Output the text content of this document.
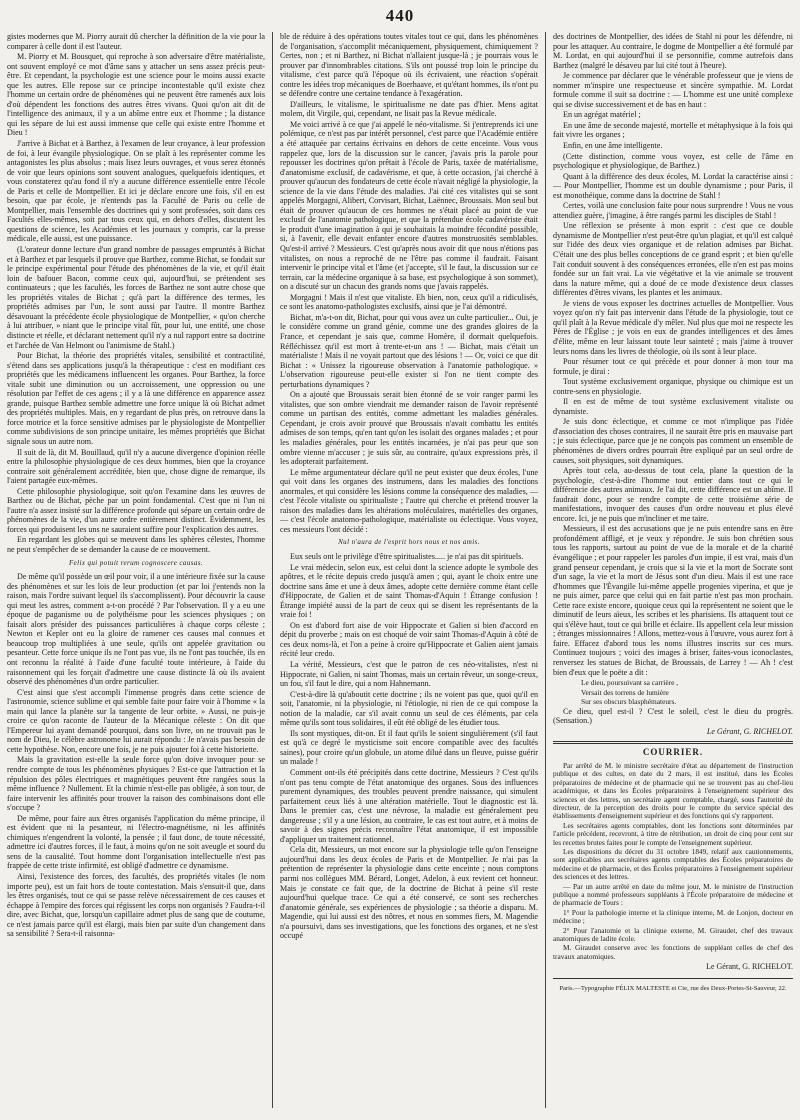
440

gistes modernes que M. Piorry aurait dû chercher la définition de la vie pour la comparer à celle dont il est l'auteur.

M. Piorry et M. Bousquet, qui reproche à son adversaire d'être matérialiste, ont souvent employé ce mot d'âme sans y attacher un sens assez précis peut-être. Et cependant, la psychologie est une science pour le moins aussi exacte que les autres. Elle repose sur ce principe incontestable qu'il existe chez l'homme un certain ordre de phénomènes qui ne peuvent être ramenés aux lois d'où dépendent les fonctions des autres êtres vivans. Quoi qu'on ait dit de l'intelligence des animaux, il y a un abîme entre eux et l'homme ; la distance qui les sépare de lui est aussi immense que celle qui existe entre l'homme et Dieu !

J'arrive à Bichat et à Barthez, à l'examen de leur croyance, à leur profession de foi, à leur évangile physiologique. On se plaît à les représenter comme les antagonistes les plus absolus ; mais lisez leurs ouvrages, et vous serez étonnés de voir que leurs opinions sont souvent analogues, quelquefois identiques, et vous constaterez qu'au fond il n'y a aucune différence essentielle entre l'école de Paris et celle de Montpellier. Et ici je déclare encore une fois, s'il en est besoin, que par école, je n'entends pas la Faculté de Paris ou celle de Montpellier, mais l'ensemble des doctrines qui y sont professées, soit dans ces Facultés elles-mêmes, soit par tous ceux qui, en dehors d'elles, discutent les questions de science, les Académies et les journaux y compris, car la presse médicale, elle aussi, est une puissance.

(L'orateur donne lecture d'un grand nombre de passages empruntés à Bichat et à Barthez et par lesquels il prouve que Barthez, comme Bichat, se fondait sur le principe expérimental pour l'étude des phénomènes de la vie, et qu'il était loin de bafouer Bacon, comme ceux qui, aujourd'hui, se prétendent ses continuateurs ; que les facultés, les forces de Barthez ne sont autre chose que les propriétés vitales de Bichat ; qu'à part la différence des termes, les propriétés admises par l'un, le sont aussi par l'autre. Il montre Barthez désavouant la précédente école physiologique de Montpellier, « qu'on cherche à lui attribuer, » niant que le principe vital fût, pour lui, une entité, une chose distincte et réelle, et déclarant nettement qu'il n'y a nul rapport entre sa doctrine et l'archée de Van Helmont ou l'animisme de Stahl.)

Pour Bichat, la théorie des propriétés vitales, sensibilité et contractilité, s'étend dans ses applications jusqu'à la thérapeutique : c'est en modifiant ces propriétés que les médicamens influencent les organes. Pour Barthez, la force vitale subit une diminution ou un accroissement, une oppression ou une résolution par l'effet de ces agens ; il y a là une différence en apparence assez grande, puisque Barthez semble admettre une force unique là où Bichat admet des propriétés multiples. Mais, en y regardant de plus près, on retrouve dans la force motrice et la force sensitive admises par le physiologiste de Montpellier comme subdivisions de son principe unitaire, les mêmes propriétés que Bichat signale sous un autre nom.

Il suit de là, dit M. Bouillaud, qu'il n'y a aucune divergence d'opinion réelle entre la philosophie physiologique de ces deux hommes, bien que la croyance contraire soit généralement accréditée, bien que, chose digne de remarque, ils l'aient partagée eux-mêmes.

Cette philosophie physiologique, soit qu'on l'examine dans les œuvres de Barthez ou de Bichat, pèche par un point fondamental. C'est que ni l'un ni l'autre n'a assez insisté sur la différence profonde qui sépare un certain ordre de phénomènes de la vie, d'un autre ordre entièrement distinct. Évidemment, les forces qui produisent les uns ne sauraient suffire pour l'explication des autres.

En regardant les globes qui se meuvent dans les sphères célestes, l'homme ne peut s'empêcher de se demander la cause de ce mouvement.

Felix qui potuit rerum cognoscere causas.

De même qu'il possède un œil pour voir, il a une intérieure fixée sur la cause des phénomènes et sur les lois de leur production (et par loi j'entends non la raison, mais l'ordre suivant lequel ils s'accomplissent). Pour découvrir la cause qui meut les astres, comment a-t-on procédé ? Par l'observation. Il y a eu une époque de paganisme ou de polythéisme pour les sciences physiques ; on faisait alors présider des puissances particulières à chaque corps céleste ; Newton et Kepler ont eu la gloire de ramener ces causes mal connues et beaucoup trop multipliées à une seule, qu'ils ont appelée gravitation ou pesanteur. Cette force unique ils ne l'ont pas vue, ils ne l'ont pas touchée, ils en ont reconnu la réalité à l'aide d'une faculté toute intérieure, à l'aide du raisonnement qui les forçait d'admettre une cause distincte là où ils avaient observé des phénomènes d'un ordre particulier.

C'est ainsi que s'est accompli l'immense progrès dans cette science de l'astronomie, science sublime et qui semble faite pour faire voir à l'homme « la main qui lance la planète sur la tangente de leur orbite. » Aussi, ne puis-je croire ce qu'on raconte de l'auteur de la Mécanique céleste : On dit que l'Empereur lui ayant demandé pourquoi, dans son livre, on ne trouvait pas le nom de Dieu, le célèbre astronome lui aurait répondu : Je n'avais pas besoin de cette hypothèse. Non, encore une fois, je ne puis ajouter foi à cette historiette.

Mais la gravitation est-elle la seule force qu'on doive invoquer pour se rendre compte de tous les phénomènes physiques ? Est-ce que l'attraction et la répulsion des pôles électriques et magnétiques peuvent être rangées sous la même influence ? Nullement. Et la chimie n'est-elle pas obligée, à son tour, de faire intervenir les affinités pour trouver la raison des combinaisons dont elle s'occupe ?

De même, pour faire aux êtres organisés l'application du même principe, il est évident que ni la pesanteur, ni l'électro-magnétisme, ni les affinités chimiques n'engendrent la volonté, la pensée ; il faut donc, de toute nécessité, admettre ici d'autres forces, il le faut, à moins qu'on ne soit aveugle et sourd du sens de la causalité. Tout homme dont l'organisation intellectuelle n'est pas frappée de cette triste infirmité, est obligé d'admettre ce dynamisme.

Ainsi, l'existence des forces, des facultés, des propriétés vitales (le nom importe peu), est un fait hors de toute contestation. Mais s'ensuit-il que, dans les êtres organisés, tout ce qui se passe relève nécessairement de ces causes et échappe à l'empire des forces qui régissent les corps non organisés ? Faudra-t-il dire, avec Bichat, que, lorsqu'un capillaire admet plus de sang que de coutume, ce n'est jamais parce qu'il est élargi, mais bien par suite d'un changement dans sa sensibilité ? Sera-t-il raisonna-

ble de réduire à des opérations toutes vitales tout ce qui, dans les phénomènes de l'organisation, s'accomplit mécaniquement, physiquement, chimiquement ? Certes, non ; et ni Barthez, ni Bichat n'allaient jusque-là ; je pourrais vous le prouver par d'innombrables citations. S'ils ont poussé trop loin le principe du vitalisme, c'est parce qu'à l'époque où ils écrivaient, une réaction s'opérait contre les idées trop mécaniques de Boerhaave, et qu'étant hommes, ils n'ont pu se défendre contre une certaine tendance à l'exagération.

D'ailleurs, le vitalisme, le spiritualisme ne date pas d'hier. Mens agitat molem, dit Virgile, qui, cependant, ne lisait pas la Revue médicale.

Me voici arrivé à ce que j'ai appelé le néo-vitalisme. Si j'entreprends ici une polémique, ce n'est pas par intérêt personnel, c'est parce que l'Académie entière a été attaquée par certains écrivains en dehors de cette enceinte. Vous vous rappelez que, lors de la discussion sur le cancer, j'avais pris la parole pour repousser les doctrines qu'on prêtait à l'école de Paris, taxée de matérialisme, d'anatomisme exclusif, de cadavérisme, et que, à cette occasion, j'ai cherché à prouver qu'aucun des fondateurs de cette école n'avait négligé la physiologie, la science de la vie dans l'étude des maladies. J'ai cité ces vitalistes qui se sont appelés Morgagni, Alibert, Corvisart, Bichat, Laënnec, Broussais. Mon seul but était de prouver qu'aucun de ces hommes ne s'était placé au point de vue exclusif de l'anatomie pathologique, et que la prétendue école cadavériste était le produit d'une imagination à qui je souhaitais la moindre fécondité possible, si, à l'avenir, elle devait enfanter encore d'autres monstruosités semblables. Qu'est-il arrivé ? Messieurs. C'est qu'après nous avoir dit que nous n'étions pas vitalistes, on nous a reproché de ne l'être pas comme il faudrait. Faisant intervenir le principe vital et l'âme (et j'accepte, s'il le faut, la discussion sur ce terrain, car la médecine organique à sa base, est psychologique à son sommet), on a discuté sur un chacun des grands noms que j'avais rappelés.

Morgagni ! Mais il n'est que vitaliste. Eh bien, non, ceux qu'il a ridiculisés, ce sont les anatomo-pathologistes exclusifs, ainsi que je l'ai démontré.

Bichat, m'a-t-on dit, Bichat, pour qui vous avez un culte particulier... Oui, je le considère comme un grand génie, comme une des grandes gloires de la France, et cependant je sais que, comme Homère, il dormait quelquefois. Réfléchissez qu'il est mort à trente-et-un ans ! — Bichat, mais c'était un matérialiste ! Mais il ne voyait partout que des lésions ! — Or, voici ce que dit Bichat : « Unissez la rigoureuse observation à l'anatomie pathologique. » L'observation rigoureuse peut-elle exister si l'on ne tient compte des perturbations dynamiques ?

On a ajouté que Broussais serait bien étonné de se voir ranger parmi les vitalistes, que son ombre viendrait me demander raison de l'avoir représenté comme un partisan des entités, comme admettant les maladies générales. Cependant, je crois avoir prouvé que Broussais n'avait combattu les entités admises de son temps, qu'en tant qu'on les isolait des organes malades ; et pour les maladies générales, pour les entités incarnées, je n'ai pas peur que son ombre vienne m'accuser ; je suis sûr, au contraire, qu'aux expressions près, il les adopterait parfaitement.

Le même argumentateur déclare qu'il ne peut exister que deux écoles, l'une qui voit dans les organes des instrumens, dans les maladies des fonctions anormales, et qui considère les lésions comme la conséquence des maladies, — c'est l'école vitaliste ou spiritualiste ; l'autre qui cherche et prétend trouver la raison des maladies dans les altérations moléculaires, matérielles des organes, — c'est l'école anatomo-pathologique, matérialiste ou éclectique. Vous voyez, ces messieurs l'ont décidé :

Nul n'aura de l'esprit hors nous et nos amis.

Eux seuls ont le privilège d'être spiritualistes..... je n'ai pas dit spirituels.

Le vrai médecin, selon eux, est celui dont la science adopte le symbole des apôtres, et le récite depuis credo jusqu'à amen ; qui, ayant le choix entre une doctrine sans âme et une à deux âmes, adopte cette dernière comme étant celle d'Hippocrate, de Galien et de saint Thomas-d'Aquin ! Étrange confusion ! Étrange impiété aussi de la part de ceux qui se disent les représentants de la vraie foi !

On est d'abord fort aise de voir Hippocrate et Galien si bien d'accord en dépit du proverbe ; mais on est choqué de voir saint Thomas-d'Aquin à côté de ces deux noms-là, et l'on a peine à croire qu'Hippocrate et Galien aient jamais récité leur credo.

La vérité, Messieurs, c'est que le patron de ces néo-vitalistes, n'est ni Hippocrate, ni Galien, ni saint Thomas, mais un certain rêveur, un songe-creux, un fou, s'il faut le dire, qui a nom Hahnemann.

C'est-à-dire là qu'aboutit cette doctrine ; ils ne voient pas que, quoi qu'il en soit, l'anatomie, ni la physiologie, ni l'étiologie, ni rien de ce qui compose la notion de la maladie, car s'il avait connu un seul de ces éléments, par cela même qu'ils sont tous solidaires, il eût été obligé de les étudier tous.

Ils sont mystiques, dit-on. Et il faut qu'ils le soient singulièrement (s'il faut est qu'à ce degré le mysticisme soit encore compatible avec des facultés saines), pour croire qu'un globule, un atome dilué dans un fleuve, puisse guérir un malade !

Comment ont-ils été précipités dans cette doctrine, Messieurs ? C'est qu'ils n'ont pas tenu compte de l'état anatomique des organes. Sous des influences purement dynamiques, des troubles peuvent prendre naissance, qui simulent parfaitement ceux liés à une altération matérielle. Tout le diagnostic est là. Dans le premier cas, c'est une névrose, la maladie est généralement peu dangereuse ; s'il y a une lésion, au contraire, le cas est tout autre, et à moins de savoir à des signes précis reconnaître l'état anatomique, il est impossible d'appliquer un traitement rationnel.

Cela dit, Messieurs, un mot encore sur la physiologie telle qu'on l'enseigne aujourd'hui dans les deux écoles de Paris et de Montpellier. Je n'ai pas la prétention de représenter la physiologie dans cette enceinte ; nous comptons parmi nos collègues MM. Bérard, Longet, Adelon, à eux revient cet honneur. Mais je constate ce fait que, de la doctrine de Bichat à peine s'il reste aujourd'hui quelque trace. Ce qui a été conservé, ce sont ses recherches d'anatomie générale, ses expériences de physiologie ; sa théorie a disparu. M. Magendie, qui lui aussi est des nôtres, et nous en sommes fiers, M. Magendie n'a poursuivi, dans ses investigations, que les fonctions des organes, et ne s'est occupé

des doctrines de Montpellier, des idées de Stahl ni pour les défendre, ni pour les attaquer. Au contraire, le dogme de Montpellier a été formulé par M. Lordat, en qui aujourd'hui il se personnifie, comme autrefois dans Barthez (malgré le désaveu par lui cité tout à l'heure).

Je commence par déclarer que le vénérable professeur que je viens de nommer m'inspire une respectueuse et sincère sympathie. M. Lordat formule comme il suit sa doctrine : — L'homme est une unité complexe qui se divise successivement et de bas en haut :

En un agrégat matériel ;

En une âme de seconde majesté, mortelle et métaphysique à la fois qui fait vivre les organes ;

Enfin, en une âme intelligente.

(Cette distinction, comme vous voyez, est celle de l'âme en psychologique et physiologique, de Barthez.)

Quant à la différence des deux écoles, M. Lordat la caractérise ainsi : — Pour Montpellier, l'homme est un double dynamisme ; pour Paris, il est monothéique, comme dans la doctrine de Stahl !

Certes, voilà une conclusion faite pour nous surprendre ! Vous ne vous attendiez guère, j'imagine, à être rangés parmi les disciples de Stahl !

Une réflexion se présente à mon esprit : c'est que ce double dynamisme de Montpellier n'est peut-être qu'un plagiat, et qu'il est calqué sur l'idée des deux vies organique et de relation admises par Bichat. C'était une des plus belles conceptions de ce grand esprit ; et bien qu'elle l'ait conduit souvent à des conséquences erronées, elle n'en est pas moins fondée sur un fait vrai. La vie végétative et la vie animale se trouvent dans la nature même, qui a doué de ce mode d'existence deux classes différentes d'êtres vivans, les plantes et les animaux.

Je viens de vous exposer les doctrines actuelles de Montpellier. Vous voyez qu'on n'y fait pas intervenir dans l'étude de la physiologie, tout ce qu'il plaît à la Revue médicale d'y mêler. Nul plus que moi ne respecte les Pères de l'Église ; je vois en eux de grandes intelligences et des âmes d'élite, même en leur laissant toute leur sainteté ; mais j'aime à trouver leurs noms dans les livres de théologie, où ils sont à leur place.

Pour résumer tout ce qui précède et pour donner à mon tour ma formule, je dirai :

Tout système exclusivement organique, physique ou chimique est un contre-sens en physiologie.

Il en est de même de tout système exclusivement vitaliste ou dynamiste.

Je suis donc éclectique, et comme ce mot n'implique pas l'idée d'association des choses contraires, il ne saurait être pris en mauvaise part ; je suis éclectique, parce que je ne conçois pas comment un ensemble de phénomènes de divers ordres pourrait être expliqué par un seul ordre de causes, soit physiques, soit dynamiques.

Après tout cela, au-dessus de tout cela, plane la question de la psychologie, c'est-à-dire l'homme tout entier dans tout ce qui le différencie des autres animaux. Je l'ai dit, cette différence est un abîme. Il faudrait donc, pour se rendre compte de cette troisième série de manifestations, invoquer des causes d'un ordre nouveau et plus élevé encore. Ici, je ne puis que m'incliner et me taire.

Messieurs, il est des accusations que je ne puis entendre sans en être profondément affligé, et je veux y répondre. Je suis bon chrétien sous tous les rapports, surtout au point de vue de la morale et de la charité évangélique ; et pour rappeler les paroles d'un impie, il est vrai, mais d'un grand penseur cependant, je crois que si la vie et la mort de Socrate sont d'un sage, la vie et la mort de Jésus sont d'un dieu. Mais il est une race d'hommes que l'Évangile lui-même appelle progenies viperina, et que je ne puis aimer, parce que celui qui en fait partie n'est pas mon prochain. Cette race existe encore, quoique ceux qui la représentent ne soient que le diminutif de leurs aïeux, les scribes et les pharisiens. Ils attaquent tout ce qui s'élève haut, tout ce qui brille et éclaire. Ils appellent cela leur mission ; étranges missionnaires ! Allons, mettez-vous à l'œuvre, vous aurez fort à faire. Effacez d'abord tous les noms illustres inscrits sur ces murs. Continuez toujours ; voici des images à briser, faites-vous iconoclastes, renversez les statues de Bichat, de Broussais, de Larrey ! — Ah ! c'est bien d'eux que le poëte a dit :

Le dieu, poursuivant sa carrière ,

Versait des torrens de lumière

Sur ses obscurs blasphémateurs.

Ce dieu, quel est-il ? C'est le soleil, c'est le dieu du progrès. (Sensation.)

Le Gérant, G. RICHELOT.

COURRIER.

Par arrêté de M. le ministre secrétaire d'état au département de l'instruction publique et des cultes, en date du 2 mars, il est institué, dans les Écoles préparatoires de médecine et de pharmacie qui ne se trouvent pas au chef-lieu académique, et dans les Écoles préparatoires à l'enseignement supérieur des sciences et des lettres, un secrétaire agent comptable, chargé, sous l'autorité du directeur, de la perception des droits pour le compte du service spécial des établissements d'enseignement supérieur et des fonctions qui s'y rapportent.

Les secrétaires agents comptables, dont les fonctions sont déterminées par l'article précédent, recevront, à titre de rétribution, un droit de cinq pour cent sur les recettes brutes faites pour le compte de l'enseignement supérieur.

Les dispositions du décret du 31 octobre 1849, relatif aux cautionnements, sont applicables aux secrétaires agents comptables des Écoles préparatoires de médecine et de pharmacie, et des Écoles préparatoires à l'enseignement supérieur des sciences et des lettres.

— Par un autre arrêté en date du même jour, M. le ministre de l'instruction publique a nommé professeurs suppléants à l'École préparatoire de médecine et de pharmacie de Tours :

1° Pour la pathologie interne et la clinique interne, M. de Lonjon, docteur en médecine ;

2° Pour l'anatomie et la clinique externe, M. Giraudet, chef des travaux anatomiques de ladite école.

M. Giraudet conserve avec les fonctions de suppléant celles de chef des travaux anatomiques.

Le Gérant, G. RICHELOT.

Paris.—Typographie FÉLIX MALTESTE et Cie, rue des Deux-Portes-St-Sauveur, 22.
